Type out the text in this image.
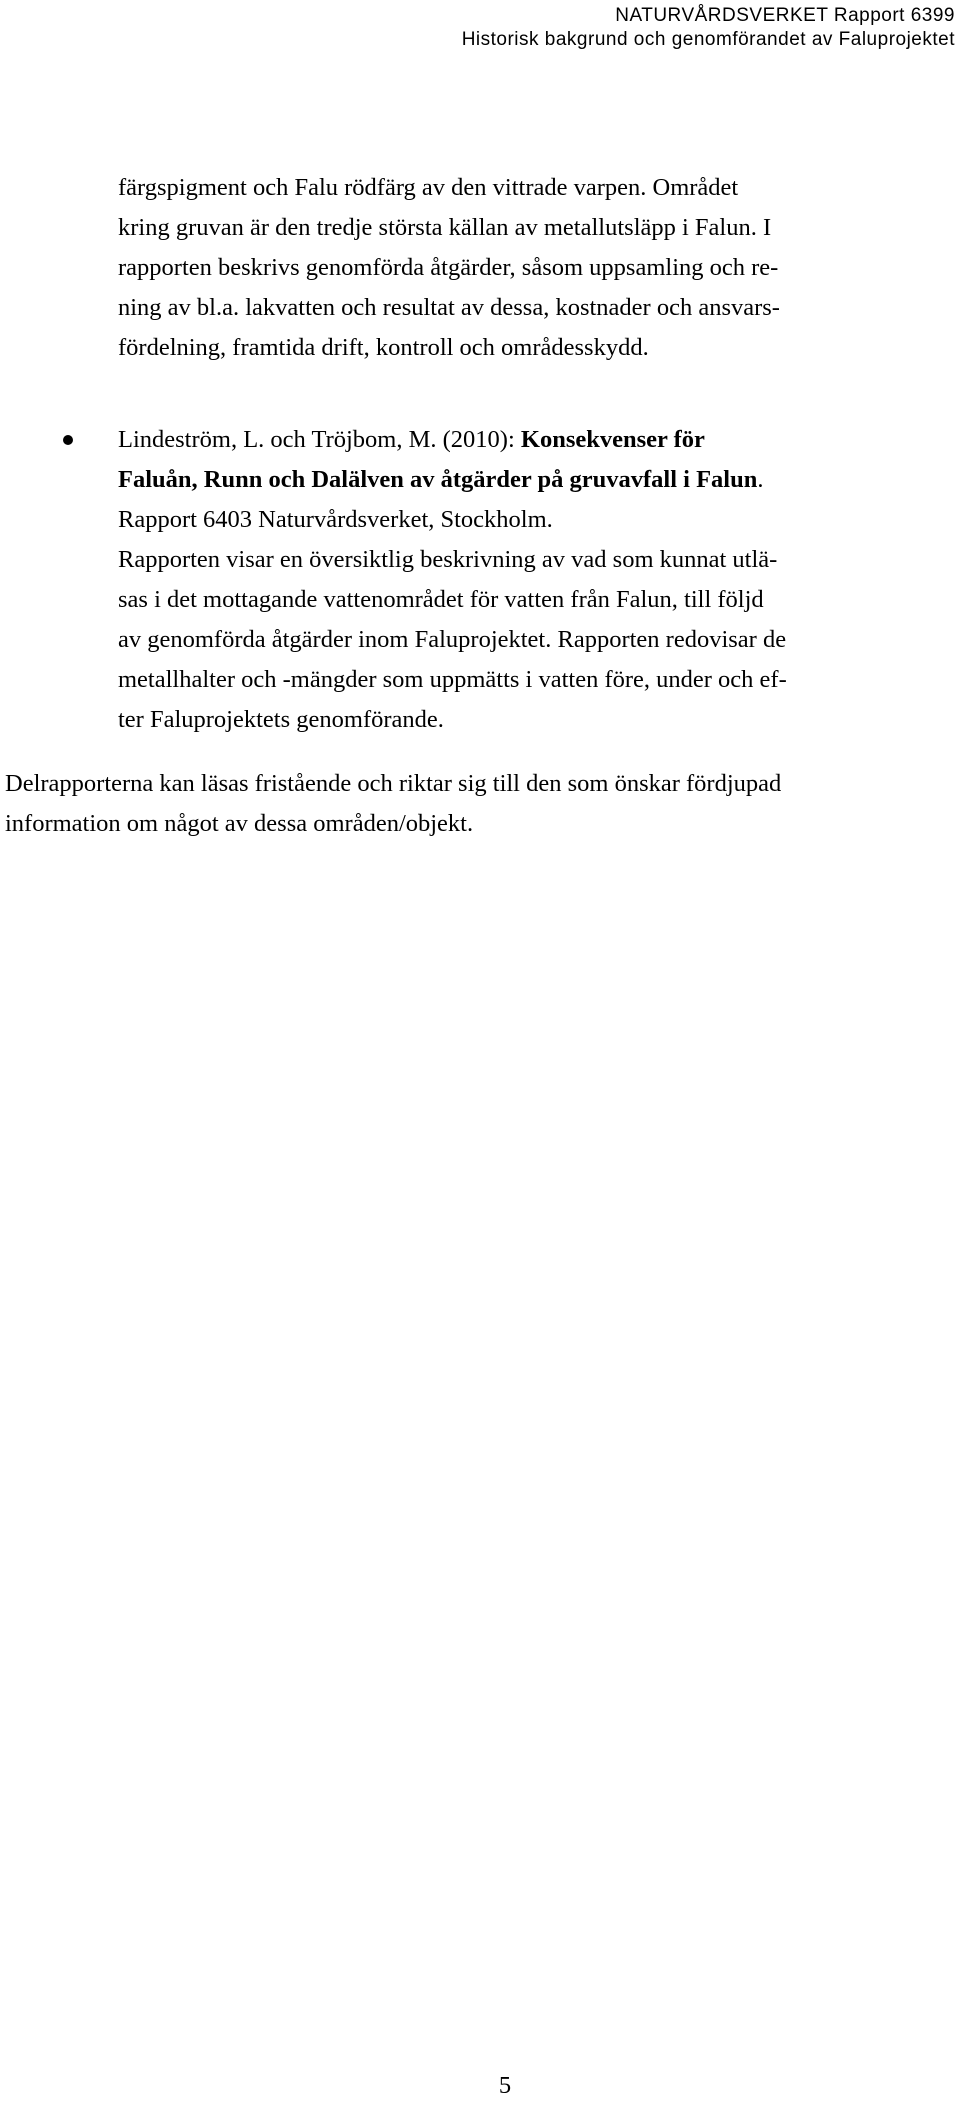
NATURVÅRDSVERKET Rapport 6399
Historisk bakgrund och genomförandet av Faluprojektet
färgspigment och Falu rödfärg av den vittrade varpen. Området
kring gruvan är den tredje största källan av metallutsläpp i Falun. I
rapporten beskrivs genomförda åtgärder, såsom uppsamling och re-
ning av bl.a. lakvatten och resultat av dessa, kostnader och ansvars-
fördelning, framtida drift, kontroll och områdesskydd.
Lindeström, L. och Tröjbom, M. (2010): Konsekvenser för
Faluån, Runn och Dalälven av åtgärder på gruvavfall i Falun.
Rapport 6403 Naturvårdsverket, Stockholm.
Rapporten visar en översiktlig beskrivning av vad som kunnat utlä-
sas i det mottagande vattenområdet för vatten från Falun, till följd
av genomförda åtgärder inom Faluprojektet. Rapporten redovisar de
metallhalter och -mängder som uppmätts i vatten före, under och ef-
ter Faluprojektets genomförande.
Delrapporterna kan läsas fristående och riktar sig till den som önskar fördjupad
information om något av dessa områden/objekt.
5
